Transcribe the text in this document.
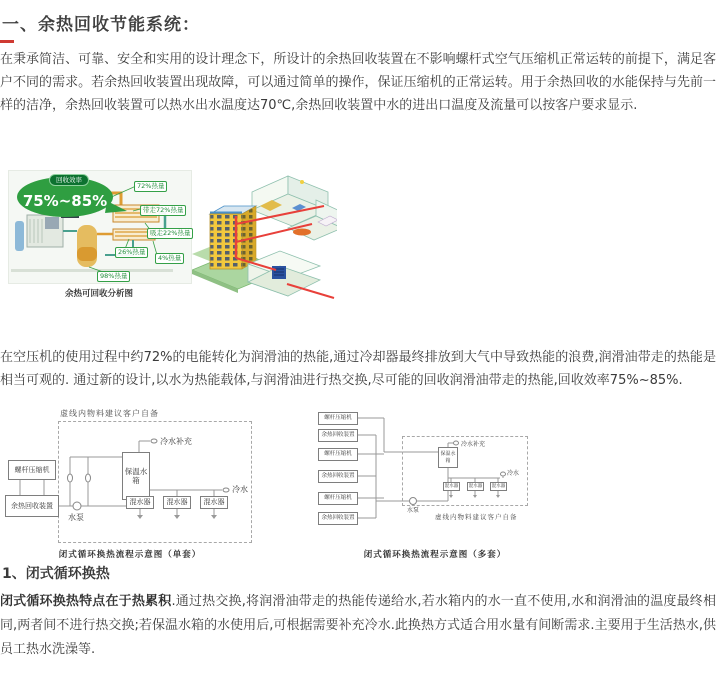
一、余热回收节能系统：

在秉承简洁、可靠、安全和实用的设计理念下，所设计的余热回收装置在不影响螺杆式空气压缩机正常运转的前提下，满足客户不同的需求。若余热回收装置出现故障，可以通过简单的操作，保证压缩机的正常运转。用于余热回收的水能保持与先前一样的洁净，余热回收装置可以热水出水温度达70℃,余热回收装置中水的进出口温度及流量可以按客户要求显示.

75%~85%
回收效率
72%热量
带走72%热量
吸走22%热量
26%热量
4%热量
98%热量
余热可回收分析图

在空压机的使用过程中约72%的电能转化为润滑油的热能,通过冷却器最终排放到大气中导致热能的浪费,润滑油带走的热能是相当可观的. 通过新的设计,以水为热能载体,与润滑油进行热交换,尽可能的回收润滑油带走的热能,回收效率75%~85%.

虚线内物料建议客户自备
螺杆压缩机
余热回收装置
保温水箱
混水器	混水器	混水器
冷水补充
冷水
水泵
闭式循环换热流程示意图（单套）
螺杆压缩机
余热回收装置
螺杆压缩机
余热回收装置
螺杆压缩机
余热回收装置
保温水箱
混水器	混水器	混水器
冷水补充
冷水
水泵
虚线内物料建议客户自备
闭式循环换热流程示意图（多套）
1、闭式循环换热

闭式循环换热特点在于热累积.通过热交换,将润滑油带走的热能传递给水,若水箱内的水一直不使用,水和润滑油的温度最终相同,两者间不进行热交换;若保温水箱的水使用后,可根据需要补充冷水.此换热方式适合用水量有间断需求.主要用于生活热水,供员工热水洗澡等.
